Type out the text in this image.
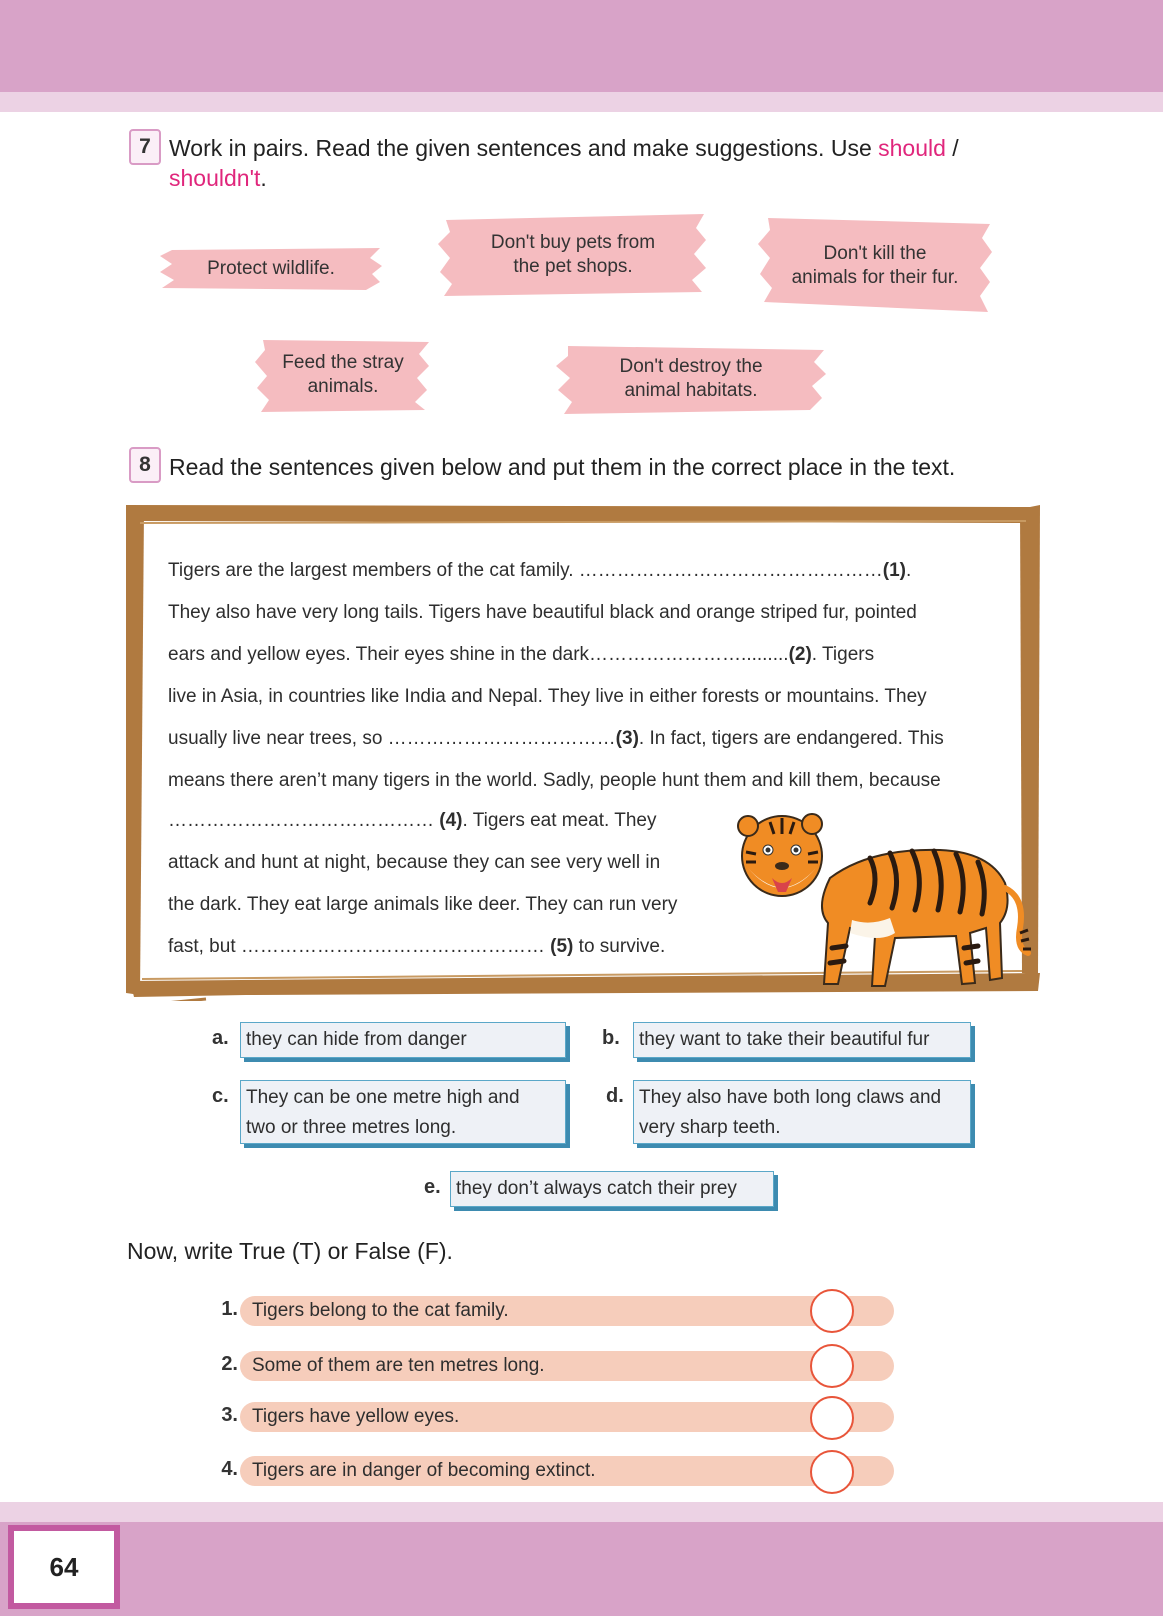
64
7 Work in pairs. Read the given sentences and make suggestions. Use should / shouldn't.
Protect wildlife.
Don't buy pets from
the pet shops.
Don't kill the
animals for their fur.
Feed the stray
animals.
Don't destroy the
animal habitats.
8 Read the sentences given below and put them in the correct place in the text.
Tigers are the largest members of the cat family. …………………………………………(1).
They also have very long tails. Tigers have beautiful black and orange striped fur, pointed
ears and yellow eyes. Their eyes shine in the dark…………………….........(2). Tigers
live in Asia, in countries like India and Nepal. They live in either forests or mountains. They
usually live near trees, so ………………………………(3). In fact, tigers are endangered. This
means there aren’t many tigers in the world. Sadly, people hunt them and kill them, because
…………………………………… (4). Tigers eat meat. They
attack and hunt at night, because they can see very well in
the dark. They eat large animals like deer. They can run very
fast, but ………………………………………… (5) to survive.
a. they can hide from danger	b.	they want to take their beautiful fur
c. They can be one metre high and
two or three metres long.
d. They also have both long claws and
very sharp teeth.
e. they don’t always catch their prey
Now, write True (T) or False (F).
1. Tigers belong to the cat family.
2. Some of them are ten metres long.
3. Tigers have yellow eyes.
4. Tigers are in danger of becoming extinct.
